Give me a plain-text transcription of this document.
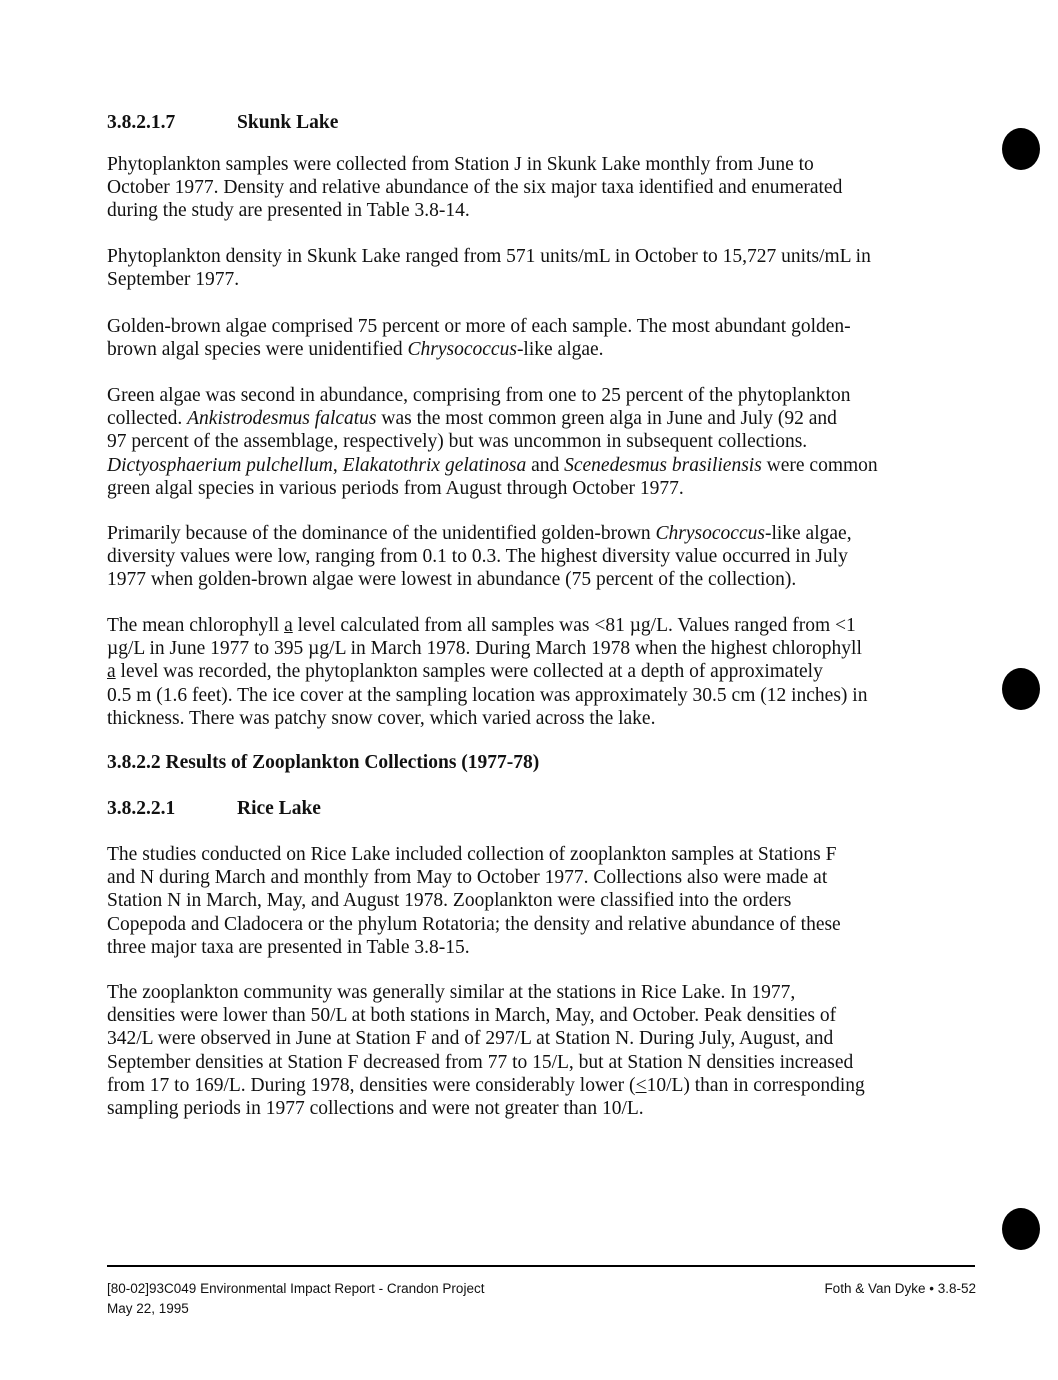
3.8.2.1.7	Skunk Lake
Phytoplankton samples were collected from Station J in Skunk Lake monthly from June to
October 1977. Density and relative abundance of the six major taxa identified and enumerated
during the study are presented in Table 3.8-14.
Phytoplankton density in Skunk Lake ranged from 571 units/mL in October to 15,727 units/mL in
September 1977.
Golden-brown algae comprised 75 percent or more of each sample. The most abundant golden-
brown algal species were unidentified Chrysococcus-like algae.
Green algae was second in abundance, comprising from one to 25 percent of the phytoplankton
collected. Ankistrodesmus falcatus was the most common green alga in June and July (92 and
97 percent of the assemblage, respectively) but was uncommon in subsequent collections.
Dictyosphaerium pulchellum, Elakatothrix gelatinosa and Scenedesmus brasiliensis were common
green algal species in various periods from August through October 1977.
Primarily because of the dominance of the unidentified golden-brown Chrysococcus-like algae,
diversity values were low, ranging from 0.1 to 0.3. The highest diversity value occurred in July
1977 when golden-brown algae were lowest in abundance (75 percent of the collection).
The mean chlorophyll a level calculated from all samples was <81 µg/L. Values ranged from <1
µg/L in June 1977 to 395 µg/L in March 1978. During March 1978 when the highest chlorophyll
a level was recorded, the phytoplankton samples were collected at a depth of approximately
0.5 m (1.6 feet). The ice cover at the sampling location was approximately 30.5 cm (12 inches) in
thickness. There was patchy snow cover, which varied across the lake.
3.8.2.2 Results of Zooplankton Collections (1977-78)
3.8.2.2.1	Rice Lake
The studies conducted on Rice Lake included collection of zooplankton samples at Stations F
and N during March and monthly from May to October 1977. Collections also were made at
Station N in March, May, and August 1978. Zooplankton were classified into the orders
Copepoda and Cladocera or the phylum Rotatoria; the density and relative abundance of these
three major taxa are presented in Table 3.8-15.
The zooplankton community was generally similar at the stations in Rice Lake. In 1977,
densities were lower than 50/L at both stations in March, May, and October. Peak densities of
342/L were observed in June at Station F and of 297/L at Station N. During July, August, and
September densities at Station F decreased from 77 to 15/L, but at Station N densities increased
from 17 to 169/L. During 1978, densities were considerably lower (<10/L) than in corresponding
sampling periods in 1977 collections and were not greater than 10/L.
[80-02]93C049 Environmental Impact Report - Crandon Project
May 22, 1995
Foth & Van Dyke • 3.8-52
